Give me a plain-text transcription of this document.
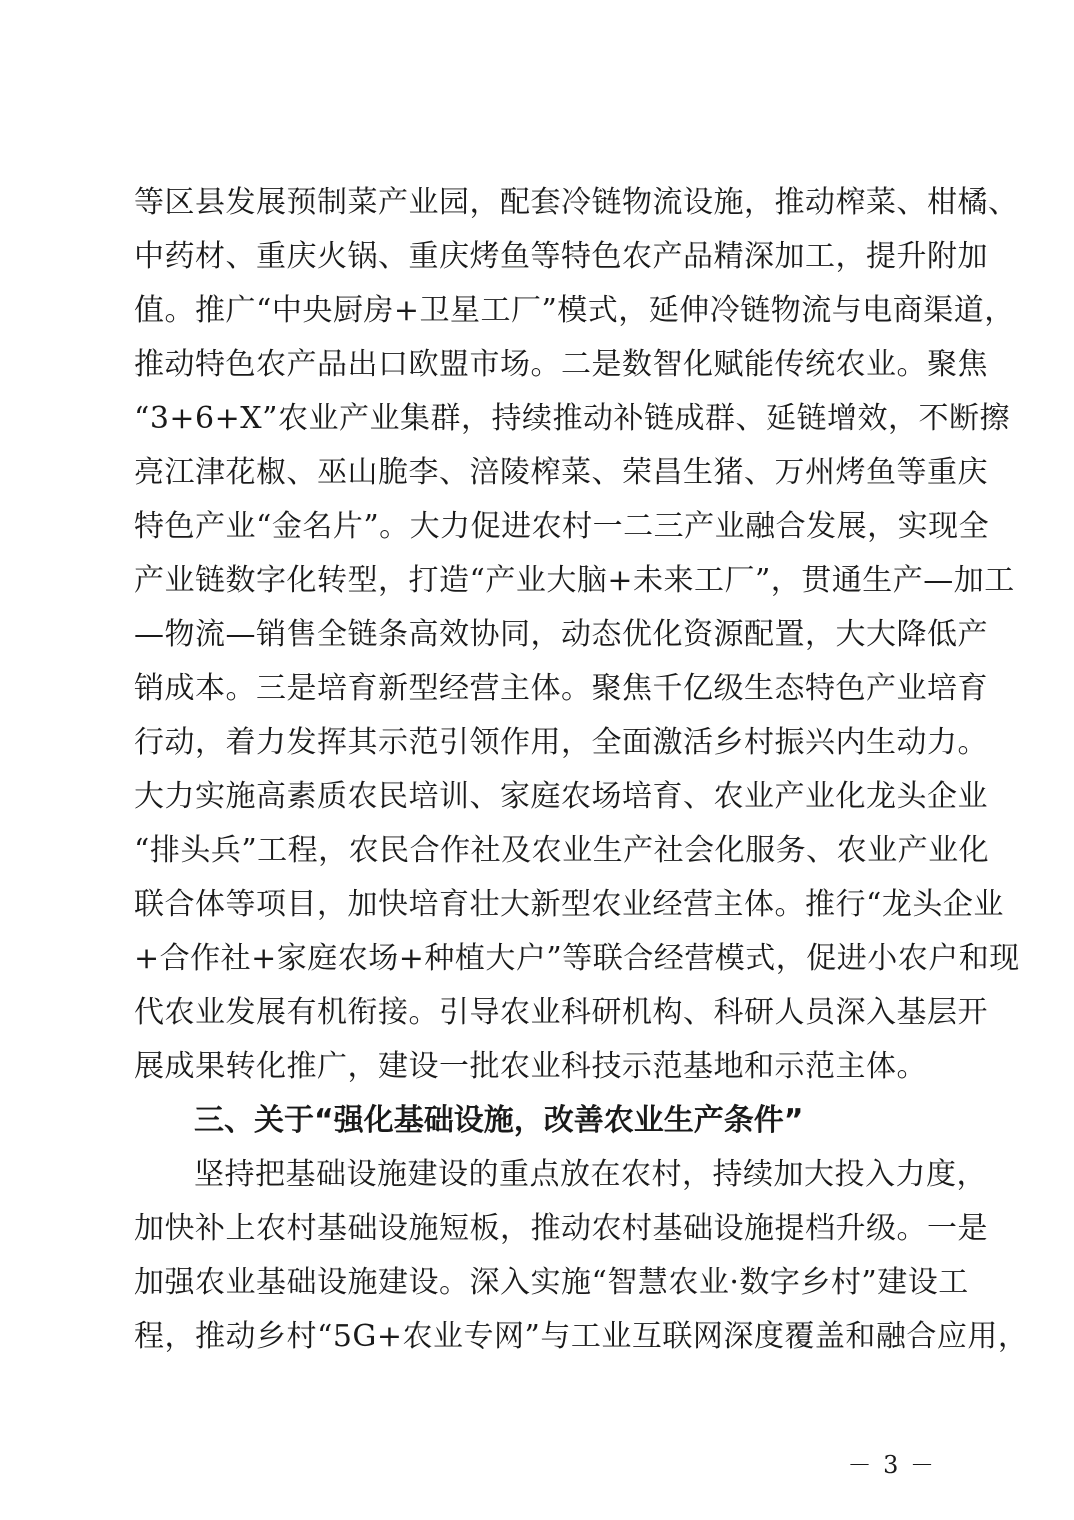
等区县发展预制菜产业园，配套冷链物流设施，推动榨菜、柑橘、
中药材、重庆火锅、重庆烤鱼等特色农产品精深加工，提升附加
值。推广“中央厨房+卫星工厂”模式，延伸冷链物流与电商渠道，
推动特色农产品出口欧盟市场。二是数智化赋能传统农业。聚焦
“3+6+X”农业产业集群，持续推动补链成群、延链增效，不断擦
亮江津花椒、巫山脆李、涪陵榨菜、荣昌生猪、万州烤鱼等重庆
特色产业“金名片”。大力促进农村一二三产业融合发展，实现全
产业链数字化转型，打造“产业大脑+未来工厂”，贯通生产—加工
—物流—销售全链条高效协同，动态优化资源配置，大大降低产
销成本。三是培育新型经营主体。聚焦千亿级生态特色产业培育
行动，着力发挥其示范引领作用，全面激活乡村振兴内生动力。
大力实施高素质农民培训、家庭农场培育、农业产业化龙头企业
“排头兵”工程，农民合作社及农业生产社会化服务、农业产业化
联合体等项目，加快培育壮大新型农业经营主体。推行“龙头企业
+合作社+家庭农场+种植大户”等联合经营模式，促进小农户和现
代农业发展有机衔接。引导农业科研机构、科研人员深入基层开
展成果转化推广，建设一批农业科技示范基地和示范主体。
三、关于“强化基础设施，改善农业生产条件”
坚持把基础设施建设的重点放在农村，持续加大投入力度，
加快补上农村基础设施短板，推动农村基础设施提档升级。一是
加强农业基础设施建设。深入实施“智慧农业·数字乡村”建设工
程，推动乡村“5G+农业专网”与工业互联网深度覆盖和融合应用，
－ 3 －
